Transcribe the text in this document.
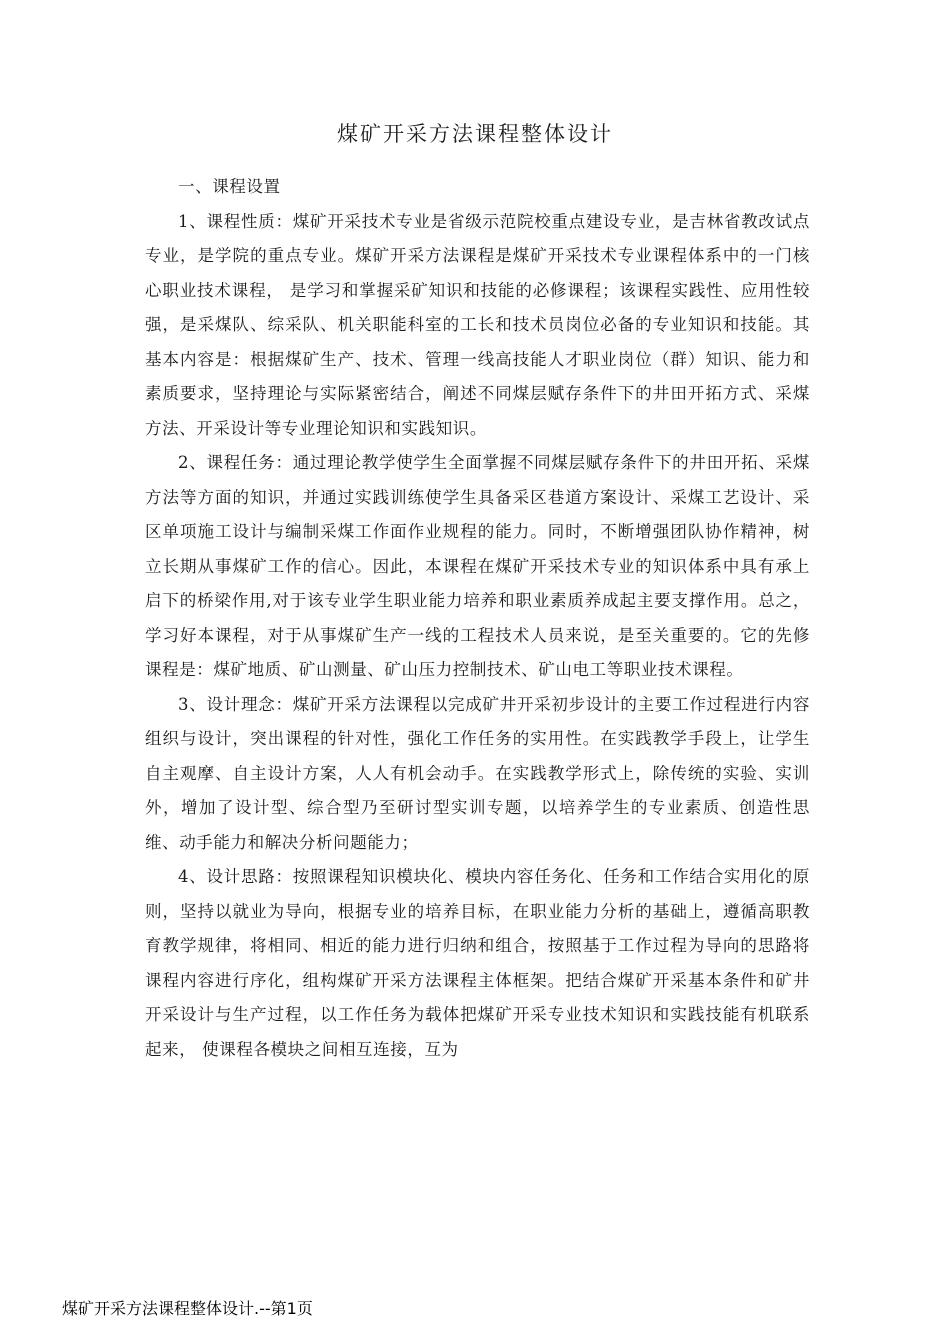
煤矿开采方法课程整体设计

一、课程设置

1、课程性质：煤矿开采技术专业是省级示范院校重点建设专业，是吉林省教改试点专业，是学院的重点专业。煤矿开采方法课程是煤矿开采技术专业课程体系中的一门核心职业技术课程， 是学习和掌握采矿知识和技能的必修课程；该课程实践性、应用性较强，是采煤队、综采队、机关职能科室的工长和技术员岗位必备的专业知识和技能。其基本内容是：根据煤矿生产、技术、管理一线高技能人才职业岗位（群）知识、能力和素质要求，坚持理论与实际紧密结合，阐述不同煤层赋存条件下的井田开拓方式、采煤方法、开采设计等专业理论知识和实践知识。

2、课程任务：通过理论教学使学生全面掌握不同煤层赋存条件下的井田开拓、采煤方法等方面的知识，并通过实践训练使学生具备采区巷道方案设计、采煤工艺设计、采区单项施工设计与编制采煤工作面作业规程的能力。同时，不断增强团队协作精神，树立长期从事煤矿工作的信心。因此，本课程在煤矿开采技术专业的知识体系中具有承上启下的桥梁作用,对于该专业学生职业能力培养和职业素质养成起主要支撑作用。总之，学习好本课程，对于从事煤矿生产一线的工程技术人员来说，是至关重要的。它的先修课程是：煤矿地质、矿山测量、矿山压力控制技术、矿山电工等职业技术课程。

3、设计理念：煤矿开采方法课程以完成矿井开采初步设计的主要工作过程进行内容组织与设计，突出课程的针对性，强化工作任务的实用性。在实践教学手段上，让学生自主观摩、自主设计方案，人人有机会动手。在实践教学形式上，除传统的实验、实训外，增加了设计型、综合型乃至研讨型实训专题，以培养学生的专业素质、创造性思维、动手能力和解决分析问题能力；

4、设计思路：按照课程知识模块化、模块内容任务化、任务和工作结合实用化的原则，坚持以就业为导向，根据专业的培养目标，在职业能力分析的基础上，遵循高职教育教学规律，将相同、相近的能力进行归纳和组合，按照基于工作过程为导向的思路将课程内容进行序化，组构煤矿开采方法课程主体框架。把结合煤矿开采基本条件和矿井开采设计与生产过程，以工作任务为载体把煤矿开采专业技术知识和实践技能有机联系起来， 使课程各模块之间相互连接，互为

煤矿开采方法课程整体设计.--第1页
